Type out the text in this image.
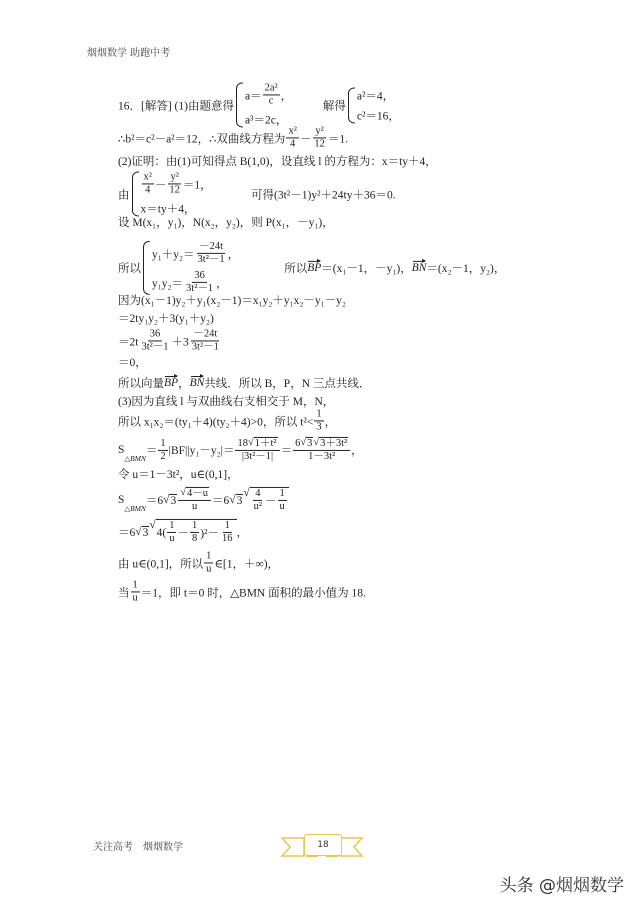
烟烟数学 助跑中考
16．[解答] (1)由题意得
$a= \frac{\text{2a²}}{c}$ ，
a³＝2c，
解得
a²＝4，
c²＝16，
∴b²＝c²－a²＝12，∴双曲线方程为 $\frac{\text{x²}}{4} - \frac{\text{y²}}{12} =1$.
(2)证明：由(1)可知得点 B(1,0)，设直线 l 的方程为：x＝ty＋4，
由 $\frac{\text{x²}}{4} - \frac{\text{y²}}{12} =1$，
x＝ty＋4，
可得(3t²－1)y²＋24ty＋36＝0.
设 M(x₁，y₁)，N(x₂，y₂)，则 P(x₁，－y₁)，
所以
$y_1+y_2= \frac{-24t}{\text{3t²－1}}$ ，
$y_1y_2= \frac{36}{\text{3t²－1}}$ ，
所以 BP ＝(x₁－1，－y₁)， BN ＝(x₂－1，y₂)，
因为(x₁－1)y₂＋y₁(x₂－1)＝x₁y₂＋y₁x₂－y₁－y₂
＝2ty₁y₂＋3(y₁＋y₂)
$=2t \frac{36}{\text{3t²－1}} +3 \frac{-24t}{\text{3t²－1}}$
＝0，
所以向量 BP ， BN 共线．所以 B，P，N 三点共线．
(3)因为直线 l 与双曲线右支相交于 M，N，
所以 x₁x₂＝(ty₁＋4)(ty₂＋4)>0，所以 $t^2< \frac{1}{3}$ ，
S
△BMN
＝ $\frac{1}{2} |BF||y_1-y_2|= \frac{\text{18 √ 1＋t²}}{\text{|3t²－1|}} = \frac{\text{6 √ 3 √ 3＋3t²}}{\text{1－3t²}}$ ，
令 u＝1－3t²，u∈(0,1]，
S
△BMN
＝6 √ $3 \frac{√ 4-u}{u} =6$ √ 3
√ $\frac{4}{\text{u²}} - \frac{1}{u}$
＝6 √ 3
√
$4( \frac{1}{u} - \frac{1}{8} )^2- \frac{1}{16}$ ，
由 u∈(0,1]，所以 $\frac{1}{u}$ ∈[1，＋∞)，
当 $\frac{1}{u} =1$，即 t＝0 时，△BMN 面积的最小值为 18.
关注高考　烟烟数学	18
头条 @烟烟数学
